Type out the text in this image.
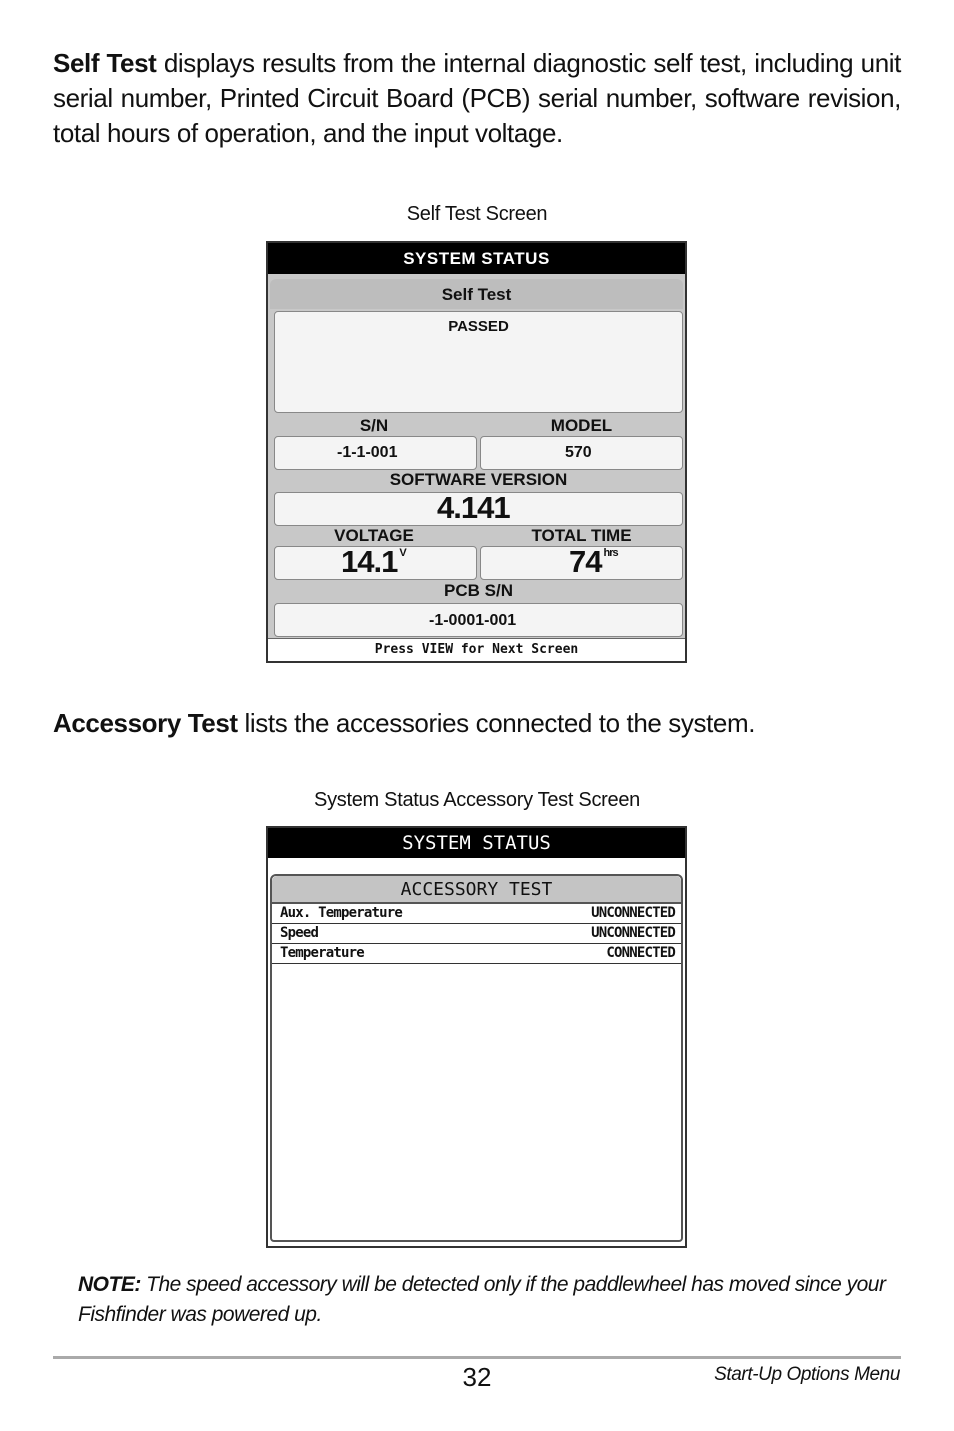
Self Test displays results from the internal diagnostic self test, including unit serial number, Printed Circuit Board (PCB) serial number, software revision, total hours of operation, and the input voltage.
Self Test Screen
SYSTEM STATUS
Self Test
PASSED
S/N	MODEL
-1-1-001	570
SOFTWARE VERSION
4.141
VOLTAGE	TOTAL TIME
14.1 $^V$	74 $^{hrs}$
PCB S/N
-1-0001-001
Press VIEW for Next Screen
Accessory Test lists the accessories connected to the system.
System Status Accessory Test Screen
SYSTEM STATUS
ACCESSORY TEST
Aux. Temperature	UNCONNECTED
Speed	UNCONNECTED
Temperature	CONNECTED
NOTE: The speed accessory will be detected only if the paddlewheel has moved since your Fishfinder was powered up.
32	Start-Up Options Menu
